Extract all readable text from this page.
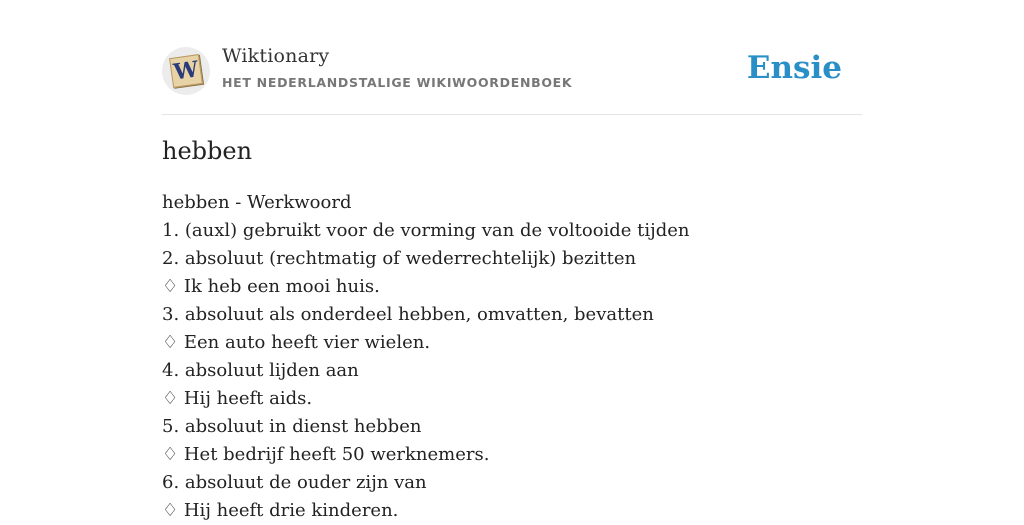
W
Wiktionary
HET NEDERLANDSTALIGE WIKIWOORDENBOEK	Ensie
hebben
hebben - Werkwoord
1. (auxl) gebruikt voor de vorming van de voltooide tijden
2. absoluut (rechtmatig of wederrechtelijk) bezitten
♢ Ik heb een mooi huis.
3. absoluut als onderdeel hebben, omvatten, bevatten
♢ Een auto heeft vier wielen.
4. absoluut lijden aan
♢ Hij heeft aids.
5. absoluut in dienst hebben
♢ Het bedrijf heeft 50 werknemers.
6. absoluut de ouder zijn van
♢ Hij heeft drie kinderen.
